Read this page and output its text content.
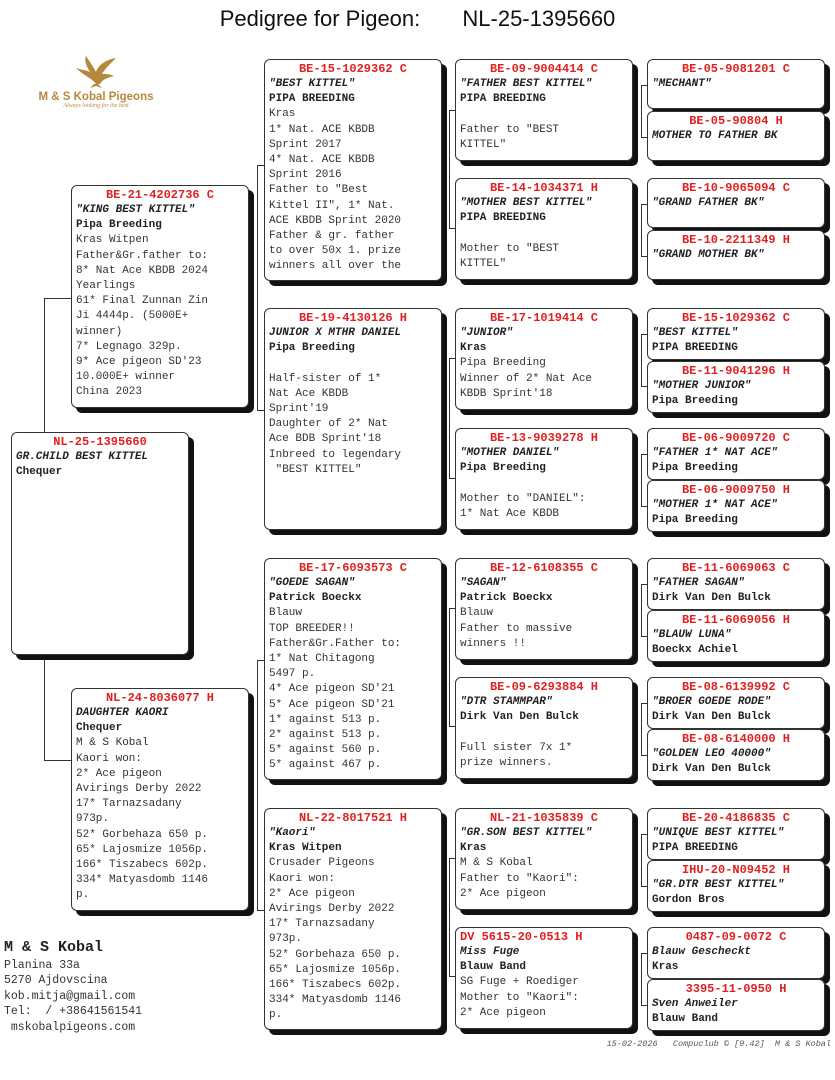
Pedigree for Pigeon: NL-25-1395660
M & S Kobal Pigeons
Always looking for the best
NL-25-1395660
GR.CHILD BEST KITTEL
Chequer
BE-21-4202736 C
"KING BEST KITTEL"
Pipa Breeding
Kras Witpen
Father&Gr.father to:
8* Nat Ace KBDB 2024
Yearlings
61* Final Zunnan Zin
Ji 4444p. (5000E+
winner)
7* Legnago 329p.
9* Ace pigeon SD'23
10.000E+ winner
China 2023
NL-24-8036077 H
DAUGHTER KAORI
Chequer
M & S Kobal
Kaori won:
2* Ace pigeon
Avirings Derby 2022
17* Tarnazsadany
973p.
52* Gorbehaza 650 p.
65* Lajosmize 1056p.
166* Tiszabecs 602p.
334* Matyasdomb 1146
p.
BE-15-1029362 C
"BEST KITTEL"
PIPA BREEDING
Kras
1* Nat. ACE KBDB
Sprint 2017
4* Nat. ACE KBDB
Sprint 2016
Father to "Best
Kittel II", 1* Nat.
ACE KBDB Sprint 2020
Father & gr. father
to over 50x 1. prize
winners all over the
BE-19-4130126 H
JUNIOR X MTHR DANIEL
Pipa Breeding

Half-sister of 1*
Nat Ace KBDB
Sprint'19
Daughter of 2* Nat
Ace BDB Sprint'18
Inbreed to legendary
"BEST KITTEL"
BE-17-6093573 C
"GOEDE SAGAN"
Patrick Boeckx
Blauw
TOP BREEDER!!
Father&Gr.Father to:
1* Nat Chitagong
5497 p.
4* Ace pigeon SD'21
5* Ace pigeon SD'21
1* against 513 p.
2* against 513 p.
5* against 560 p.
5* against 467 p.
NL-22-8017521 H
"Kaori"
Kras Witpen
Crusader Pigeons
Kaori won:
2* Ace pigeon
Avirings Derby 2022
17* Tarnazsadany
973p.
52* Gorbehaza 650 p.
65* Lajosmize 1056p.
166* Tiszabecs 602p.
334* Matyasdomb 1146
p.
BE-09-9004414 C
"FATHER BEST KITTEL"
PIPA BREEDING

Father to "BEST
KITTEL"
BE-14-1034371 H
"MOTHER BEST KITTEL"
PIPA BREEDING

Mother to "BEST
KITTEL"
BE-17-1019414 C
"JUNIOR"
Kras
Pipa Breeding
Winner of 2* Nat Ace
KBDB Sprint'18
BE-13-9039278 H
"MOTHER DANIEL"
Pipa Breeding

Mother to "DANIEL":
1* Nat Ace KBDB
BE-12-6108355 C
"SAGAN"
Patrick Boeckx
Blauw
Father to massive
winners !!
BE-09-6293884 H
"DTR STAMMPAR"
Dirk Van Den Bulck

Full sister 7x 1*
prize winners.
NL-21-1035839 C
"GR.SON BEST KITTEL"
Kras
M & S Kobal
Father to "Kaori":
2* Ace pigeon
DV 5615-20-0513 H
Miss Fuge
Blauw Band
SG Fuge + Roediger
Mother to "Kaori":
2* Ace pigeon
BE-05-9081201 C
"MECHANT"
BE-05-90804 H
MOTHER TO FATHER BK
BE-10-9065094 C
"GRAND FATHER BK"
BE-10-2211349 H
"GRAND MOTHER BK"
BE-15-1029362 C
"BEST KITTEL"
PIPA BREEDING
BE-11-9041296 H
"MOTHER JUNIOR"
Pipa Breeding
BE-06-9009720 C
"FATHER 1* NAT ACE"
Pipa Breeding
BE-06-9009750 H
"MOTHER 1* NAT ACE"
Pipa Breeding
BE-11-6069063 C
"FATHER SAGAN"
Dirk Van Den Bulck
BE-11-6069056 H
"BLAUW LUNA"
Boeckx Achiel
BE-08-6139992 C
"BROER GOEDE RODE"
Dirk Van Den Bulck
BE-08-6140000 H
"GOLDEN LEO 40000"
Dirk Van Den Bulck
BE-20-4186835 C
"UNIQUE BEST KITTEL"
PIPA BREEDING
IHU-20-N09452 H
"GR.DTR BEST KITTEL"
Gordon Bros
0487-09-0072 C
Blauw Gescheckt
Kras
3395-11-0950 H
Sven Anweiler
Blauw Band
M & S Kobal
Planina 33a
5270 Ajdovscina
kob.mitja@gmail.com
Tel:  / +38641561541
mskobalpigeons.com
15-02-2026   Compuclub © [9.42]  M & S Kobal
